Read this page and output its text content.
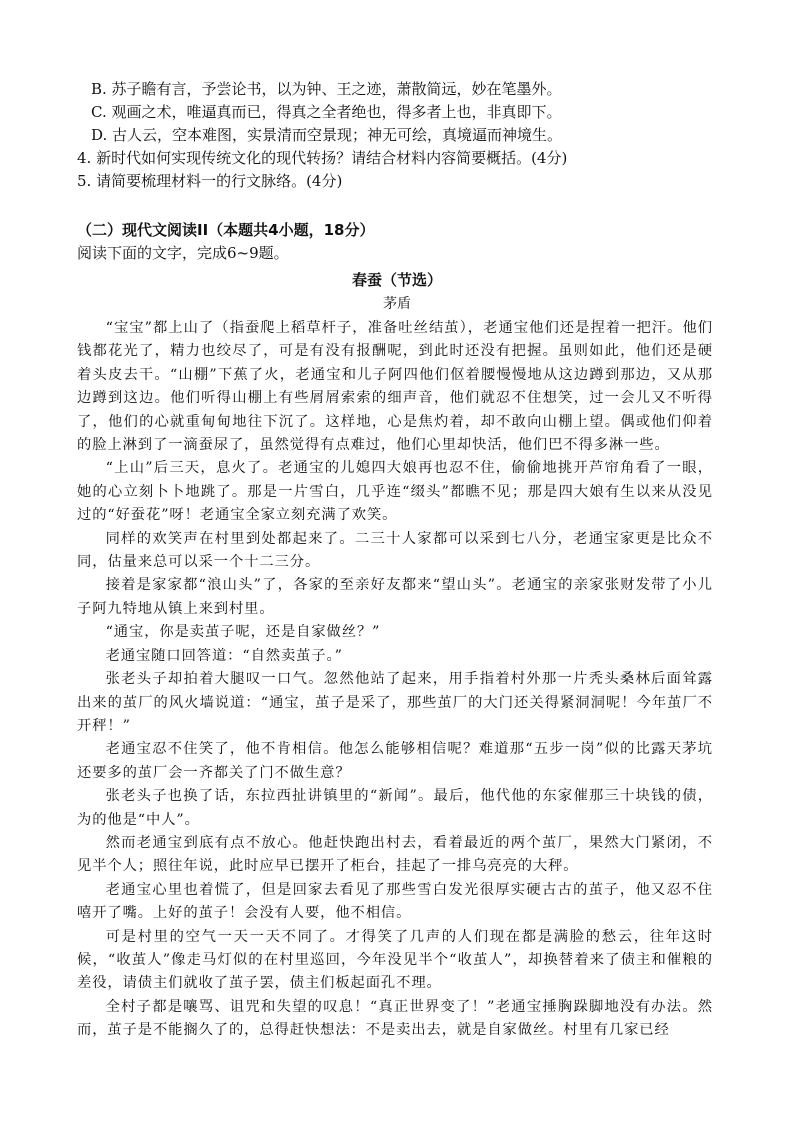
B. 苏子瞻有言，予尝论书，以为钟、王之迹，萧散简远，妙在笔墨外。
C. 观画之术，唯逼真而已，得真之全者绝也，得多者上也，非真即下。
D. 古人云，空本难图，实景清而空景现；神无可绘，真境逼而神境生。
4. 新时代如何实现传统文化的现代转扬？请结合材料内容简要概括。(4分)
5. 请简要梳理材料一的行文脉络。(4分)
（二）现代文阅读II（本题共4小题，18分）
阅读下面的文字，完成6~9题。
春蚕（节选）
茅盾

“宝宝”都上山了（指蚕爬上稻草杆子，准备吐丝结茧），老通宝他们还是捏着一把汗。他们钱都花光了，精力也绞尽了，可是有没有报酬呢，到此时还没有把握。虽则如此，他们还是硬着头皮去干。“山棚”下蕉了火，老通宝和儿子阿四他们伛着腰慢慢地从这边蹲到那边，又从那边蹲到这边。他们听得山棚上有些屑屑索索的细声音，他们就忍不住想笑，过一会儿又不听得了，他们的心就重甸甸地往下沉了。这样地，心是焦灼着，却不敢向山棚上望。偶或他们仰着的脸上淋到了一滴蚕尿了，虽然觉得有点难过，他们心里却快活，他们巴不得多淋一些。

“上山”后三天，息火了。老通宝的儿媳四大娘再也忍不住，偷偷地挑开芦帘角看了一眼，她的心立刻卜卜地跳了。那是一片雪白，几乎连“缀头”都瞧不见；那是四大娘有生以来从没见过的“好蚕花”呀！老通宝全家立刻充满了欢笑。

同样的欢笑声在村里到处都起来了。二三十人家都可以采到七八分，老通宝家更是比众不同，估量来总可以采一个十二三分。

接着是家家都“浪山头”了，各家的至亲好友都来“望山头”。老通宝的亲家张财发带了小儿子阿九特地从镇上来到村里。

“通宝，你是卖茧子呢，还是自家做丝？”

老通宝随口回答道：“自然卖茧子。”

张老头子却拍着大腿叹一口气。忽然他站了起来，用手指着村外那一片秃头桑林后面耸露出来的茧厂的风火墙说道：“通宝，茧子是采了，那些茧厂的大门还关得紧洞洞呢！今年茧厂不开秤！”

老通宝忍不住笑了，他不肯相信。他怎么能够相信呢？难道那“五步一岗”似的比露天茅坑还要多的茧厂会一齐都关了门不做生意？

张老头子也换了话，东拉西扯讲镇里的“新闻”。最后，他代他的东家催那三十块钱的债，为的他是“中人”。

然而老通宝到底有点不放心。他赶快跑出村去，看着最近的两个茧厂，果然大门紧闭，不见半个人；照往年说，此时应早已摆开了柜台，挂起了一排乌亮亮的大秤。

老通宝心里也着慌了，但是回家去看见了那些雪白发光很厚实硬古古的茧子，他又忍不住嘻开了嘴。上好的茧子！会没有人要，他不相信。

可是村里的空气一天一天不同了。才得笑了几声的人们现在都是满脸的愁云，往年这时候，“收茧人”像走马灯似的在村里巡回，今年没见半个“收茧人”，却换替着来了债主和催粮的差役，请债主们就收了茧子罢，债主们板起面孔不理。

全村子都是嚷骂、诅咒和失望的叹息！“真正世界变了！”老通宝捶胸跺脚地没有办法。然而，茧子是不能搁久了的，总得赶快想法：不是卖出去，就是自家做丝。村里有几家已经
